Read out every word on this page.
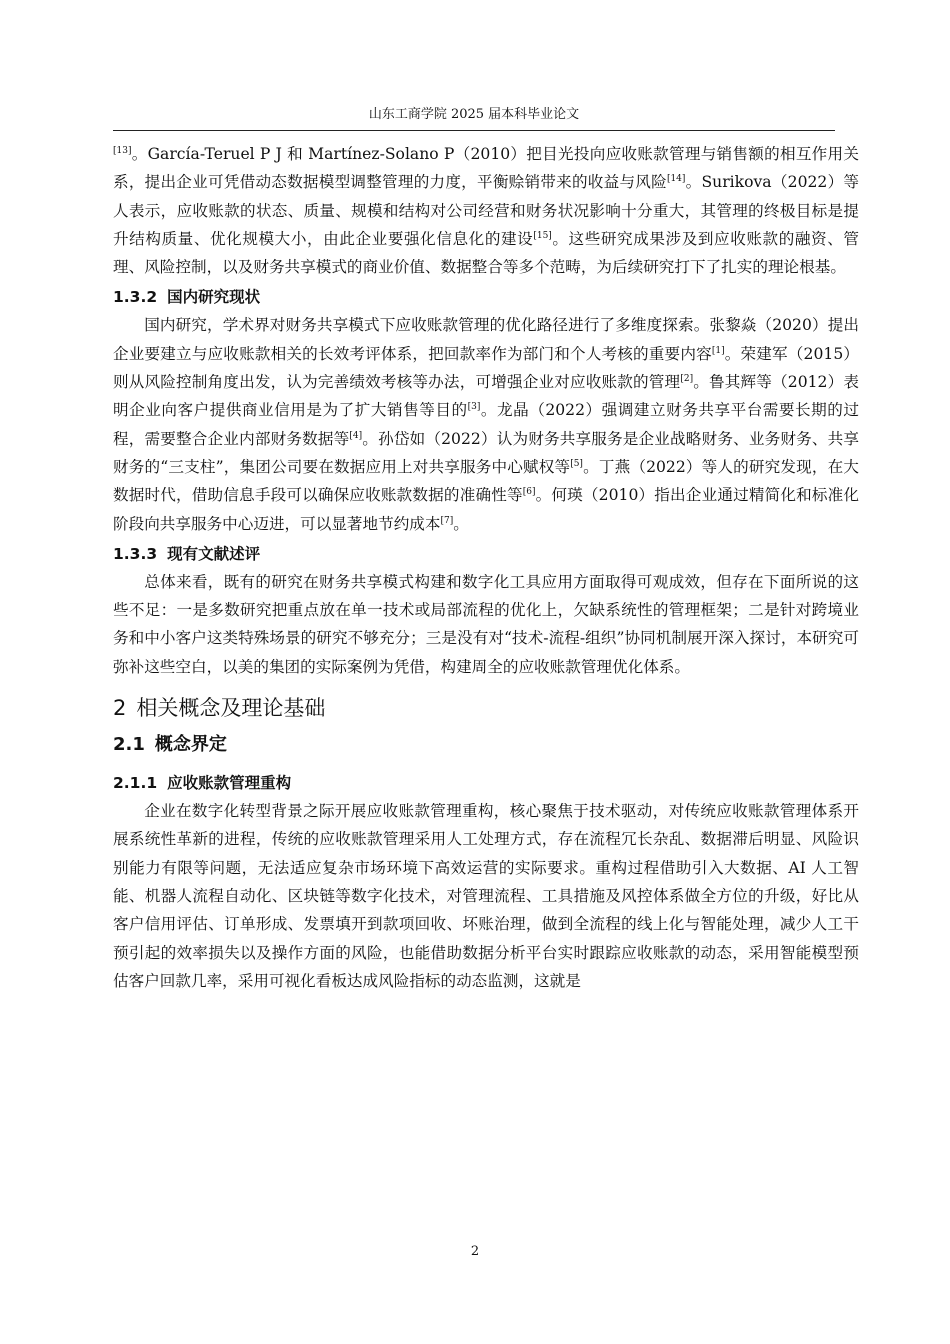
山东工商学院 2025 届本科毕业论文

[13]。García-Teruel P J 和 Martínez-Solano P（2010）把目光投向应收账款管理与销售额的相互作用关系，提出企业可凭借动态数据模型调整管理的力度，平衡赊销带来的收益与风险[14]。Surikova（2022）等人表示，应收账款的状态、质量、规模和结构对公司经营和财务状况影响十分重大，其管理的终极目标是提升结构质量、优化规模大小，由此企业要强化信息化的建设[15]。这些研究成果涉及到应收账款的融资、管理、风险控制，以及财务共享模式的商业价值、数据整合等多个范畴，为后续研究打下了扎实的理论根基。

1.3.2 国内研究现状

国内研究，学术界对财务共享模式下应收账款管理的优化路径进行了多维度探索。张黎焱（2020）提出企业要建立与应收账款相关的长效考评体系，把回款率作为部门和个人考核的重要内容[1]。荣建军（2015）则从风险控制角度出发，认为完善绩效考核等办法，可增强企业对应收账款的管理[2]。鲁其辉等（2012）表明企业向客户提供商业信用是为了扩大销售等目的[3]。龙晶（2022）强调建立财务共享平台需要长期的过程，需要整合企业内部财务数据等[4]。孙岱如（2022）认为财务共享服务是企业战略财务、业务财务、共享财务的“三支柱”，集团公司要在数据应用上对共享服务中心赋权等[5]。丁燕（2022）等人的研究发现，在大数据时代，借助信息手段可以确保应收账款数据的准确性等[6]。何瑛（2010）指出企业通过精简化和标准化阶段向共享服务中心迈进，可以显著地节约成本[7]。

1.3.3 现有文献述评

总体来看，既有的研究在财务共享模式构建和数字化工具应用方面取得可观成效，但存在下面所说的这些不足：一是多数研究把重点放在单一技术或局部流程的优化上，欠缺系统性的管理框架；二是针对跨境业务和中小客户这类特殊场景的研究不够充分；三是没有对“技术-流程-组织”协同机制展开深入探讨，本研究可弥补这些空白，以美的集团的实际案例为凭借，构建周全的应收账款管理优化体系。

2 相关概念及理论基础
2.1 概念界定
2.1.1 应收账款管理重构

企业在数字化转型背景之际开展应收账款管理重构，核心聚焦于技术驱动，对传统应收账款管理体系开展系统性革新的进程，传统的应收账款管理采用人工处理方式，存在流程冗长杂乱、数据滞后明显、风险识别能力有限等问题，无法适应复杂市场环境下高效运营的实际要求。重构过程借助引入大数据、AI 人工智能、机器人流程自动化、区块链等数字化技术，对管理流程、工具措施及风控体系做全方位的升级，好比从客户信用评估、订单形成、发票填开到款项回收、坏账治理，做到全流程的线上化与智能处理，减少人工干预引起的效率损失以及操作方面的风险，也能借助数据分析平台实时跟踪应收账款的动态，采用智能模型预估客户回款几率，采用可视化看板达成风险指标的动态监测，这就是

2
